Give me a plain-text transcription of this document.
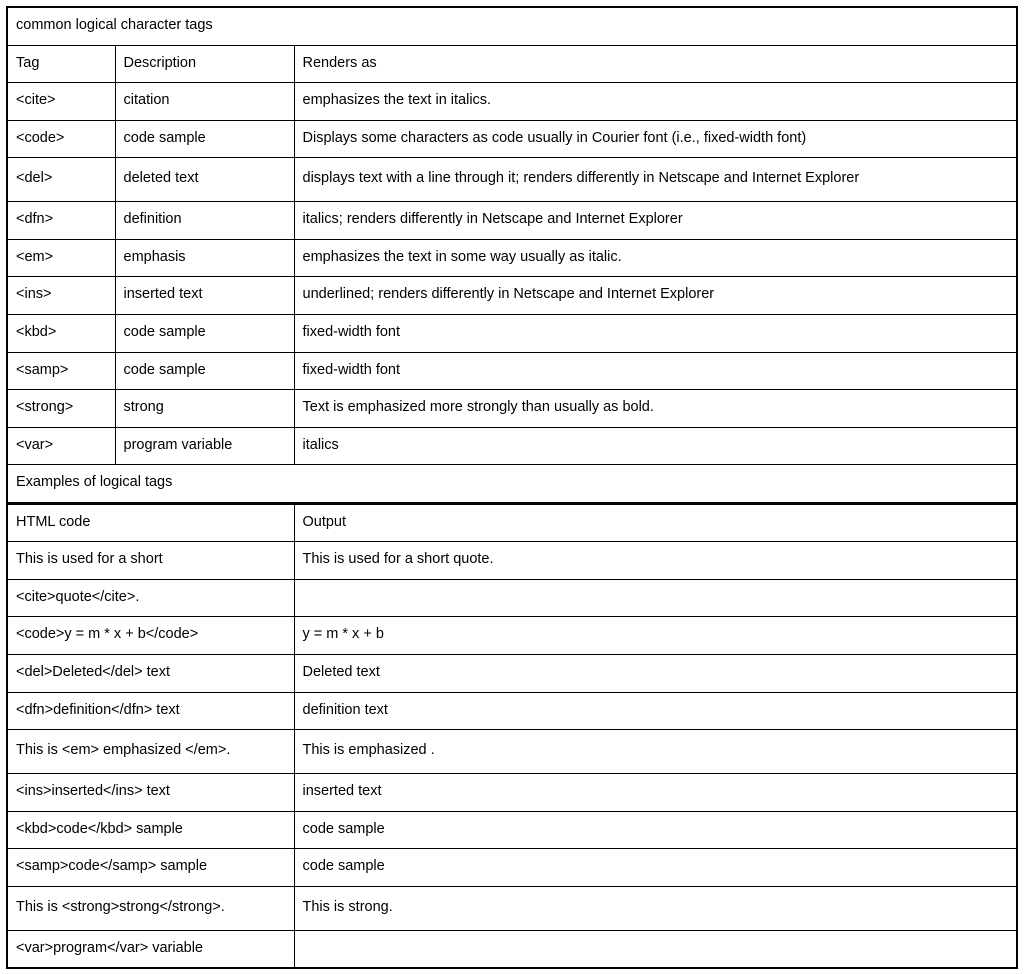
common logical character tags		
Tag	Description	Renders as
<cite>	citation	emphasizes the text in italics.
<code>	code sample	Displays some characters as code usually in Courier font (i.e., fixed-width font)
<del>	deleted text	displays text with a line through it; renders differently in Netscape and Internet Explorer
<dfn>	definition	italics; renders differently in Netscape and Internet Explorer
<em>	emphasis	emphasizes the text in some way usually as italic.
<ins>	inserted text	underlined; renders differently in Netscape and Internet Explorer
<kbd>	code sample	fixed-width font
<samp>	code sample	fixed-width font
<strong>	strong	Text is emphasized more strongly than usually as bold.
<var>	program variable	italics
Examples of logical tags		
HTML code	Output
This is used for a short	This is used for a short quote.
<cite>quote</cite>.	
<code>y = m * x + b</code>	y = m * x + b
<del>Deleted</del> text	Deleted text
<dfn>definition</dfn> text	definition text
This is <em> emphasized </em>.	This is emphasized .
<ins>inserted</ins> text	inserted text
<kbd>code</kbd> sample	code sample
<samp>code</samp> sample	code sample
This is <strong>strong</strong>.	This is strong.
<var>program</var> variable	
